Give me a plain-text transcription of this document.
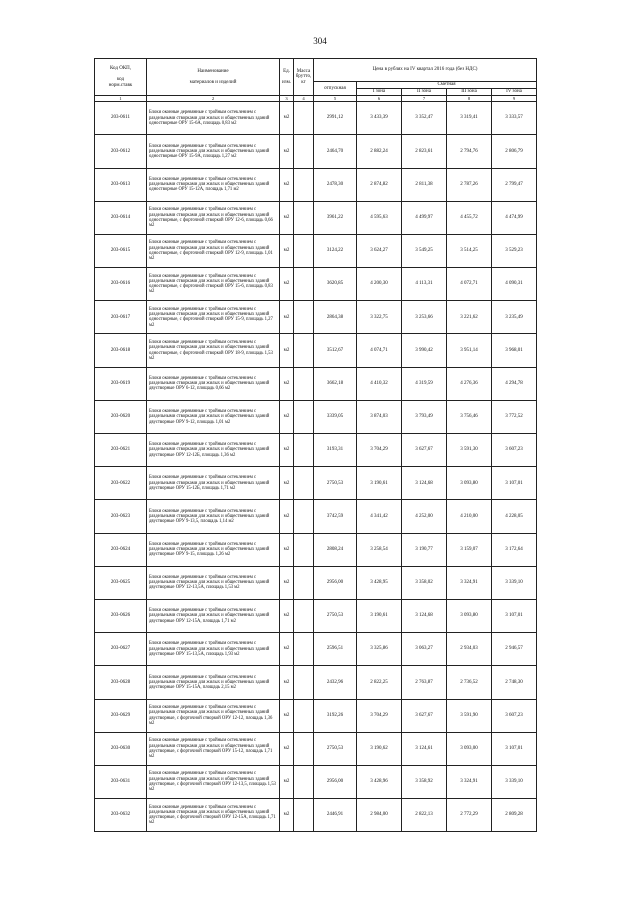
304
Код ОКП,

код
норм.ставк	Наименование

материалов и изделий	Ед.

изм.	Масса
брутто,
кг	Цена в рублях на IV квартал 2016 года (без НДС)				
				отпускная	Сметная			
					I зона	II зона	III зона	IV зона
1	2	3	4	5	6	7	8	9
203-0611	Блоки оконные деревянные с тройным остеклением с раздельными створками для жилых и общественных зданий одностворные ОРУ 15-6А, площадь 0,83 м2	м2		2991,12	3 433,39	3 352,47	3 319,41	3 333,57
203-0612	Блоки оконные деревянные с тройным остеклением с раздельными створками для жилых и общественных зданий одностворные ОРУ 15-9А, площадь 1,27 м2	м2		2464,70	2 882,24	2 823,61	2 794,76	2 806,79
203-0613	Блоки оконные деревянные с тройным остеклением с раздельными створками для жилых и общественных зданий одностворные ОРУ 15-12А, площадь 1,71 м2	м2		2478,30	2 874,82	2 811,38	2 787,26	2 799,47
203-0614	Блоки оконные деревянные с тройным остеклением с раздельными створками для жилых и общественных зданий одностворные, с форточной створкой ОРУ 12-6, площадь 0,66 м2	м2		3961,22	4 595,63	4 499,97	4 455,72	4 474,99
203-0615	Блоки оконные деревянные с тройным остеклением с раздельными створками для жилых и общественных зданий одностворные, с форточной створкой ОРУ 12-9, площадь 1,01 м2	м2		3124,22	3 624,27	3 549,25	3 514,25	3 529,23
203-0616	Блоки оконные деревянные с тройным остеклением с раздельными створками для жилых и общественных зданий одностворные, с форточной створкой ОРУ 15-6, площадь 0,83 м2	м2		3620,85	4 200,30	4 113,31	4 072,71	4 090,31
203-0617	Блоки оконные деревянные с тройным остеклением с раздельными створками для жилых и общественных зданий одностворные, с форточной створкой ОРУ 15-9, площадь 1,27 м2	м2		2864,38	3 322,75	3 253,66	3 221,62	3 235,49
203-0618	Блоки оконные деревянные с тройным остеклением с раздельными створками для жилых и общественных зданий одностворные, с форточной створкой ОРУ 18-9, площадь 1,53 м2	м2		3512,67	4 074,71	3 990,42	3 951,14	3 968,01
203-0619	Блоки оконные деревянные с тройным остеклением с раздельными створками для жилых и общественных зданий двустворные ОРУ 6-12, площадь 0,66 м2	м2		3662,18	4 410,32	4 319,59	4 276,36	4 294,78
203-0620	Блоки оконные деревянные с тройным остеклением с раздельными створками для жилых и общественных зданий двустворные ОРУ 9-12, площадь 1,01 м2	м2		3339,05	3 874,03	3 793,49	3 756,46	3 772,52
203-0621	Блоки оконные деревянные с тройным остеклением с раздельными створками для жилых и общественных зданий двустворные ОРУ 12-12Б, площадь 1,36 м2	м2		3193,31	3 704,29	3 627,67	3 591,30	3 607,23
203-0622	Блоки оконные деревянные с тройным остеклением с раздельными створками для жилых и общественных зданий двустворные ОРУ 15-12Б, площадь 1,71 м2	м2		2750,53	3 190,61	3 124,68	3 093,80	3 107,01
203-0623	Блоки оконные деревянные с тройным остеклением с раздельными створками для жилых и общественных зданий двустворные ОРУ 9-13,5, площадь 1,14 м2	м2		3742,59	4 341,42	4 252,00	4 210,00	4 228,05
203-0624	Блоки оконные деревянные с тройным остеклением с раздельными створками для жилых и общественных зданий двустворные ОРУ 9-15, площадь 1,26 м2	м2		2808,24	3 258,54	3 190,77	3 159,07	3 172,64
203-0625	Блоки оконные деревянные с тройным остеклением с раздельными створками для жилых и общественных зданий двустворные ОРУ 12-13,5А, площадь 1,53 м2	м2		2956,00	3 428,95	3 358,02	3 324,91	3 339,10
203-0626	Блоки оконные деревянные с тройным остеклением с раздельными створками для жилых и общественных зданий двустворные ОРУ 12-15А, площадь 1,71 м2	м2		2750,53	3 190,61	3 124,68	3 093,80	3 107,01
203-0627	Блоки оконные деревянные с тройным остеклением с раздельными створками для жилых и общественных зданий двустворные ОРУ 15-13,5А, площадь 1,93 м2	м2		2596,51	3 325,86	3 063,27	2 934,03	2 946,57
203-0628	Блоки оконные деревянные с тройным остеклением с раздельными створками для жилых и общественных зданий двустворные ОРУ 15-15А, площадь 2,15 м2	м2		2432,96	2 822,25	2 763,87	2 736,52	2 748,30
203-0629	Блоки оконные деревянные с тройным остеклением с раздельными створками для жилых и общественных зданий двустворные, с форточной створкой ОРУ 12-12, площадь 1,36 м2	м2		3192,26	3 704,29	3 627,67	3 591,90	3 607,23
203-0630	Блоки оконные деревянные с тройным остеклением с раздельными створками для жилых и общественных зданий двустворные, с форточной створкой ОРУ 15-12, площадь 1,71 м2	м2		2750,53	3 190,62	3 124,61	3 093,00	3 107,01
203-0631	Блоки оконные деревянные с тройным остеклением с раздельными створками для жилых и общественных зданий двустворные, с форточной створкой ОРУ 12-13,5, площадь 1,53 м2	м2		2956,00	3 428,96	3 358,92	3 324,91	3 339,10
203-0632	Блоки оконные деревянные с тройным остеклением с раздельными створками для жилых и общественных зданий двустворные, с форточной створкой ОРУ 12-15А, площадь 1,71 м2	м2		2446,91	2 984,00	2 822,13	2 772,29	2 809,28
